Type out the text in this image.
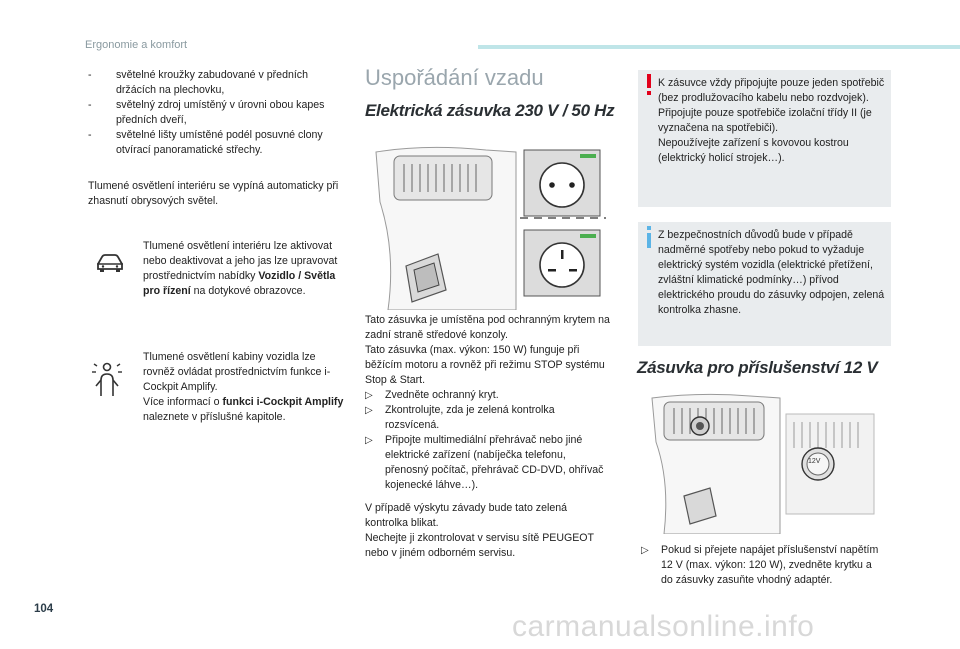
Ergonomie a komfort
- světelné kroužky zabudované v předních držácích na plechovku,
- světelný zdroj umístěný v úrovni obou kapes předních dveří,
- světelné lišty umístěné podél posuvné clony otvírací panoramatické střechy.
Tlumené osvětlení interiéru se vypíná automaticky při zhasnutí obrysových světel.
Tlumené osvětlení interiéru lze aktivovat nebo deaktivovat a jeho jas lze upravovat prostřednictvím nabídky Vozidlo / Světla pro řízení na dotykové obrazovce.
Tlumené osvětlení kabiny vozidla lze rovněž ovládat prostřednictvím funkce i-Cockpit Amplify.
Více informací o funkci i-Cockpit Amplify naleznete v příslušné kapitole.
Uspořádání vzadu
Elektrická zásuvka 230 V / 50 Hz
Tato zásuvka je umístěna pod ochranným krytem na zadní straně středové konzoly.
Tato zásuvka (max. výkon: 150 W) funguje při běžícím motoru a rovněž při režimu STOP systému Stop & Start.
▷ Zvedněte ochranný kryt.
▷ Zkontrolujte, zda je zelená kontrolka rozsvícená.
▷ Připojte multimediální přehrávač nebo jiné elektrické zařízení (nabíječka telefonu, přenosný počítač, přehrávač CD-DVD, ohřívač kojenecké láhve…).
V případě výskytu závady bude tato zelená kontrolka blikat.
Nechejte ji zkontrolovat v servisu sítě PEUGEOT nebo v jiném odborném servisu.
K zásuvce vždy připojujte pouze jeden spotřebič (bez prodlužovacího kabelu nebo rozdvojek).
Připojujte pouze spotřebiče izolační třídy II (je vyznačena na spotřebiči).
Nepoužívejte zařízení s kovovou kostrou (elektrický holicí strojek…).
Z bezpečnostních důvodů bude v případě nadměrné spotřeby nebo pokud to vyžaduje elektrický systém vozidla (elektrické přetížení, zvláštní klimatické podmínky…) přívod elektrického proudu do zásuvky odpojen, zelená kontrolka zhasne.
Zásuvka pro příslušenství 12 V
12V
▷ Pokud si přejete napájet příslušenství napětím 12 V (max. výkon: 120 W), zvedněte krytku a do zásuvky zasuňte vhodný adaptér.
104
carmanualsonline.info
